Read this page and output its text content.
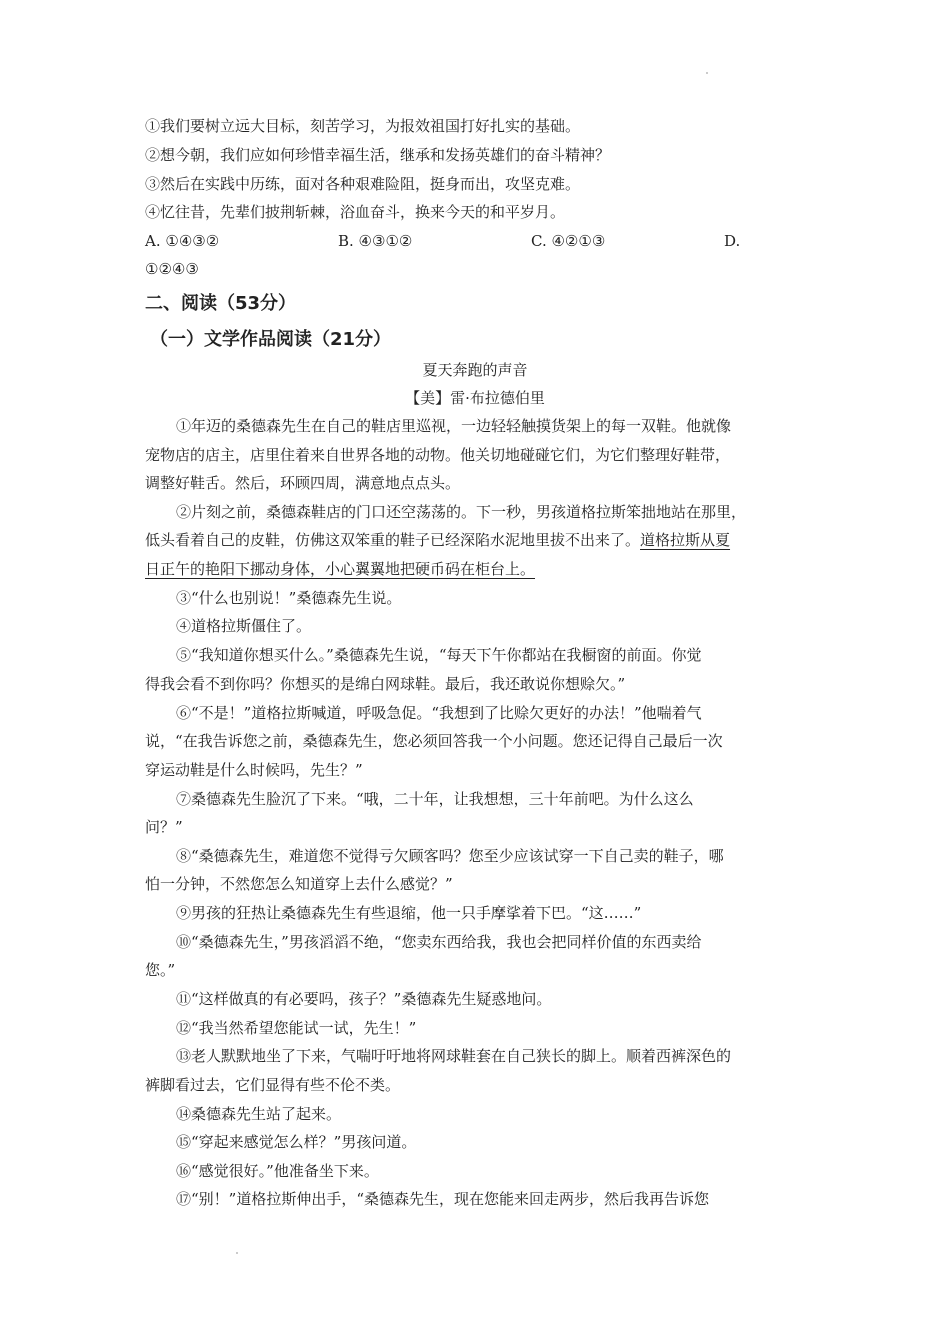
①我们要树立远大目标，刻苦学习，为报效祖国打好扎实的基础。
②想今朝，我们应如何珍惜幸福生活，继承和发扬英雄们的奋斗精神？
③然后在实践中历练，面对各种艰难险阻，挺身而出，攻坚克难。
④忆往昔，先辈们披荆斩棘，浴血奋斗，换来今天的和平岁月。
A. ①④③②	B. ④③①②	C. ④②①③	D.
①②④③
二、阅读（53分）
（一）文学作品阅读（21分）
夏天奔跑的声音
【美】雷·布拉德伯里
①年迈的桑德森先生在自己的鞋店里巡视，一边轻轻触摸货架上的每一双鞋。他就像
宠物店的店主，店里住着来自世界各地的动物。他关切地碰碰它们，为它们整理好鞋带，
调整好鞋舌。然后，环顾四周，满意地点点头。
②片刻之前，桑德森鞋店的门口还空荡荡的。下一秒，男孩道格拉斯笨拙地站在那里，
低头看着自己的皮鞋，仿佛这双笨重的鞋子已经深陷水泥地里拔不出来了。道格拉斯从夏
日正午的艳阳下挪动身体，小心翼翼地把硬币码在柜台上。
③“什么也别说！”桑德森先生说。
④道格拉斯僵住了。
⑤“我知道你想买什么。”桑德森先生说，“每天下午你都站在我橱窗的前面。你觉
得我会看不到你吗？你想买的是绵白网球鞋。最后，我还敢说你想赊欠。”
⑥“不是！”道格拉斯喊道，呼吸急促。“我想到了比赊欠更好的办法！”他喘着气
说，“在我告诉您之前，桑德森先生，您必须回答我一个小问题。您还记得自己最后一次
穿运动鞋是什么时候吗，先生？”
⑦桑德森先生脸沉了下来。“哦，二十年，让我想想，三十年前吧。为什么这么
问？”
⑧“桑德森先生，难道您不觉得亏欠顾客吗？您至少应该试穿一下自己卖的鞋子，哪
怕一分钟，不然您怎么知道穿上去什么感觉？”
⑨男孩的狂热让桑德森先生有些退缩，他一只手摩挲着下巴。“这……”
⑩“桑德森先生，”男孩滔滔不绝，“您卖东西给我，我也会把同样价值的东西卖给
您。”
⑪“这样做真的有必要吗，孩子？”桑德森先生疑惑地问。
⑫“我当然希望您能试一试，先生！”
⑬老人默默地坐了下来，气喘吁吁地将网球鞋套在自己狭长的脚上。顺着西裤深色的
裤脚看过去，它们显得有些不伦不类。
⑭桑德森先生站了起来。
⑮“穿起来感觉怎么样？”男孩问道。
⑯“感觉很好。”他准备坐下来。
⑰“别！”道格拉斯伸出手，“桑德森先生，现在您能来回走两步，然后我再告诉您
